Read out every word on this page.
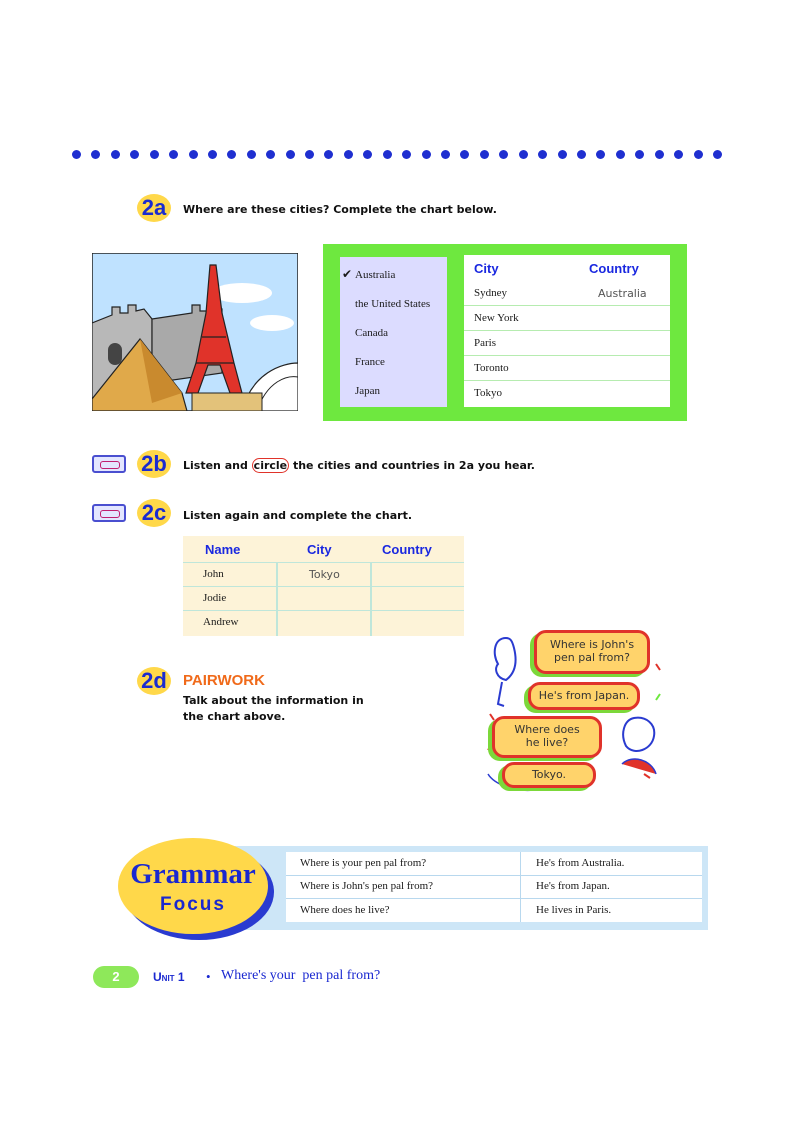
2a	Where are these cities? Complete the chart below.
✔ Australia
the United States
Canada
France
Japan
City	Country
Sydney	Australia
New York
Paris
Toronto
Tokyo
2b	Listen and circle the cities and countries in 2a you hear.
2c	Listen again and complete the chart.
Name	City	Country
John	Tokyo
Jodie
Andrew
2d PAIRWORK
Talk about the information in
the chart above.
Where is John's
pen pal from?
He's from Japan.
Where does
he live?
Tokyo.
Where is your pen pal from?	He's from Australia.
Where is John's pen pal from?	He's from Japan.
Where does he live?	He lives in Paris.
Grammar
Focus
2	Unit 1 • Where's your  pen pal from?
